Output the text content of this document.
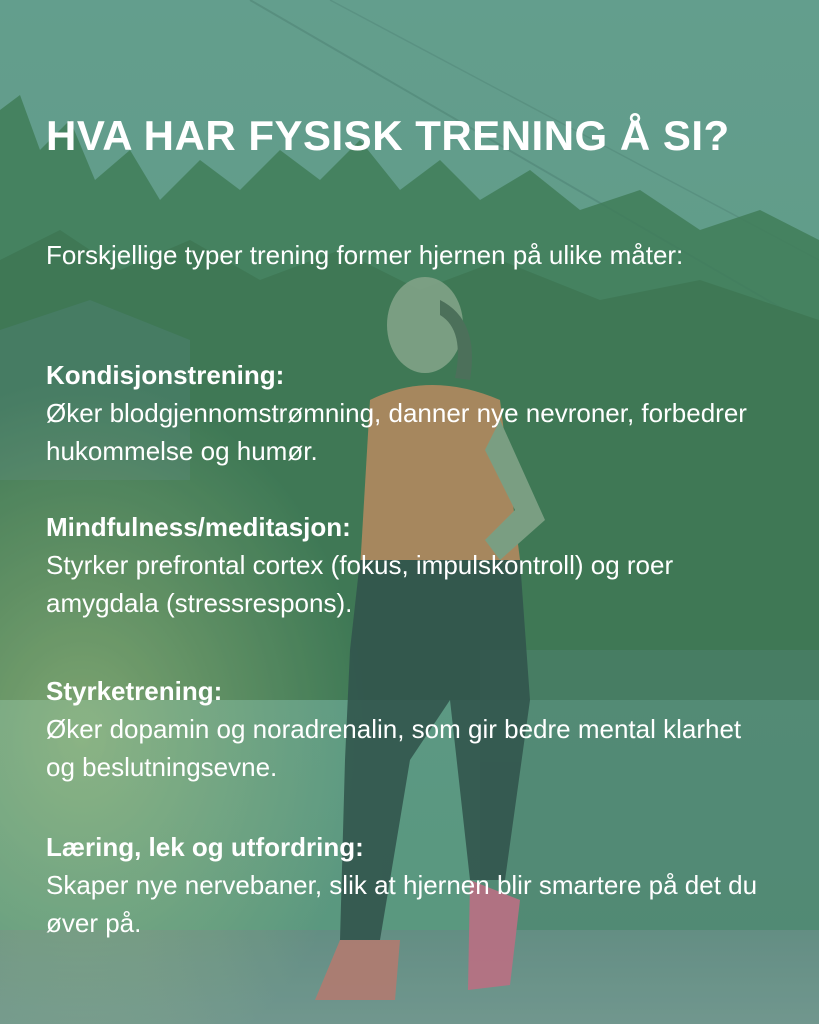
HVA HAR FYSISK TRENING Å SI?

Forskjellige typer trening former hjernen på ulike måter:

Kondisjonstrening:

Øker blodgjennomstrømning, danner nye nevroner, forbedrer hukommelse og humør.

Mindfulness/meditasjon:

Styrker prefrontal cortex (fokus, impulskontroll) og roer amygdala (stressrespons).

Styrketrening:

Øker dopamin og noradrenalin, som gir bedre mental klarhet og beslutningsevne.

Læring, lek og utfordring:

Skaper nye nervebaner, slik at hjernen blir smartere på det du øver på.
